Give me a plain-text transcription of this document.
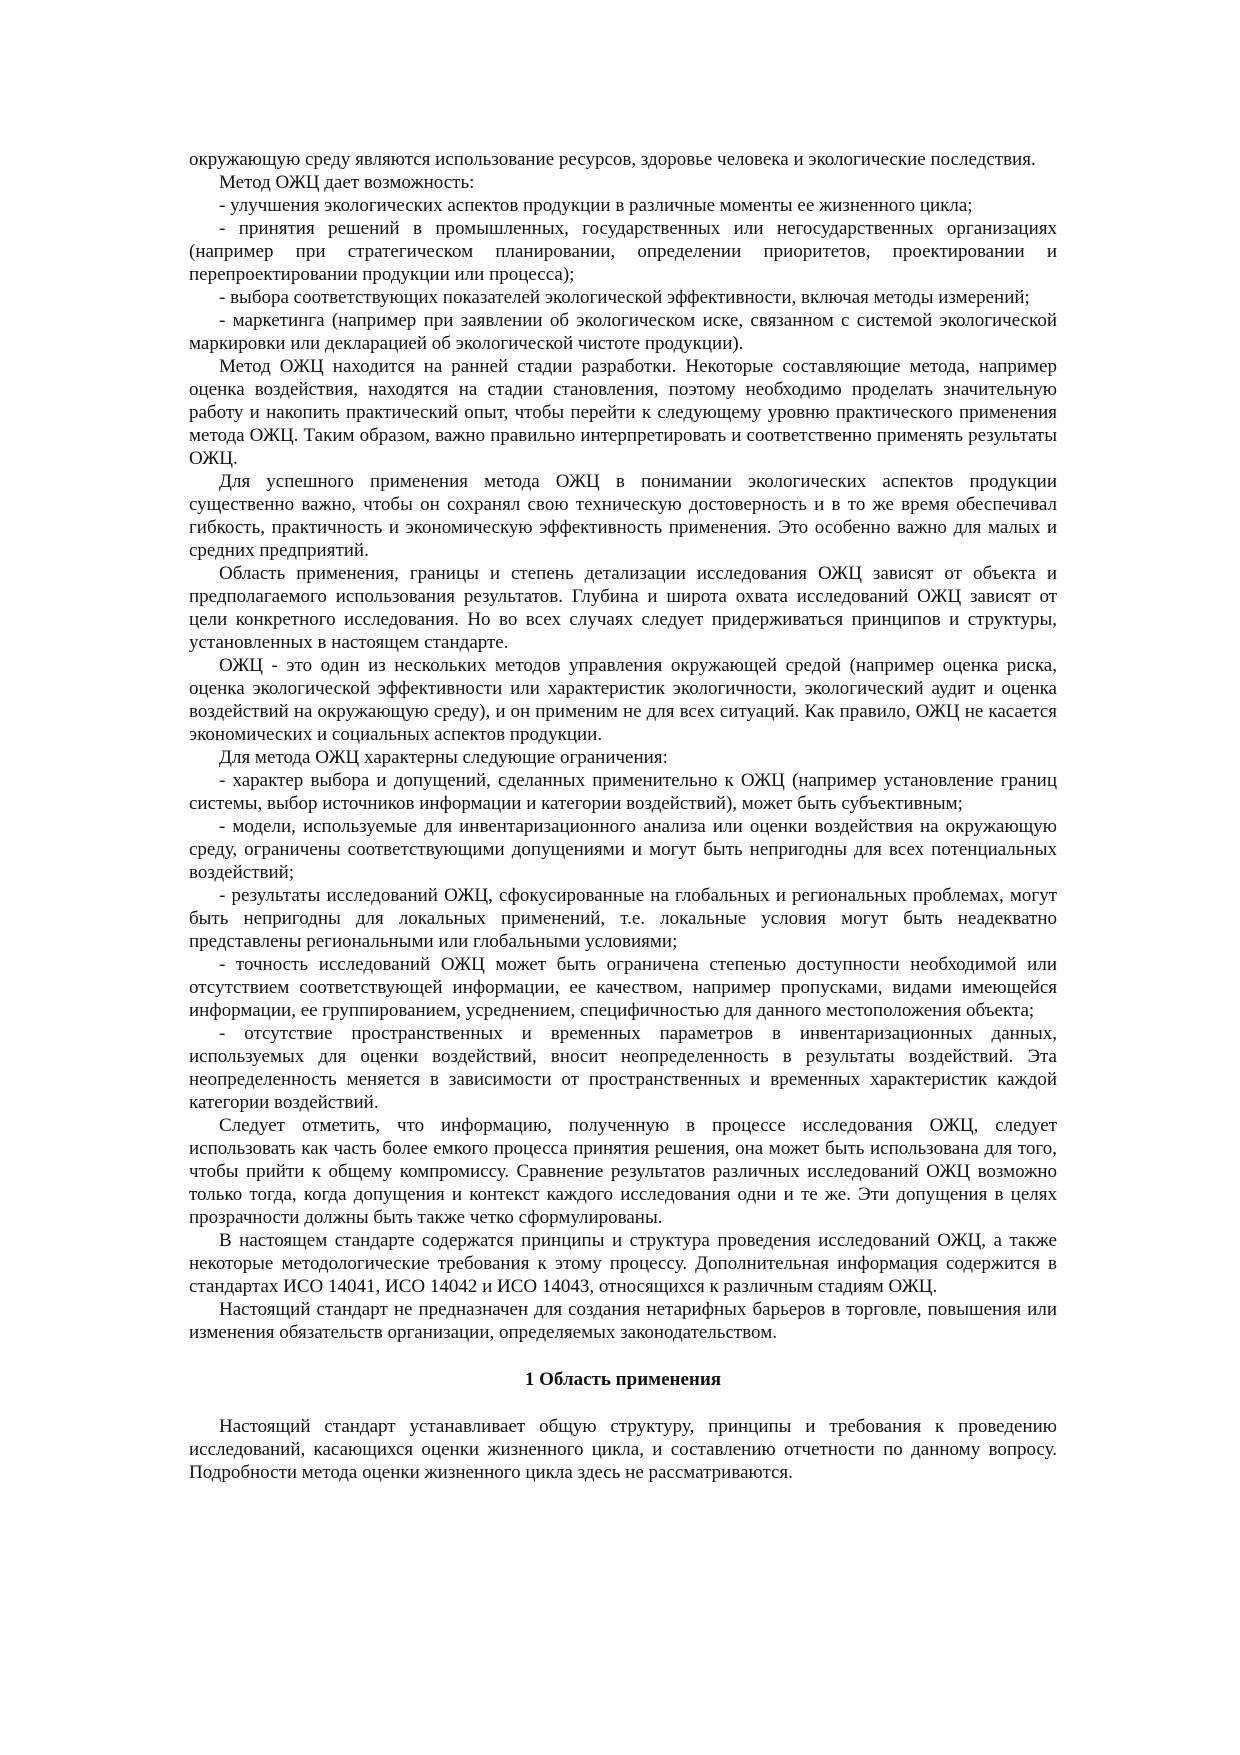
окружающую среду являются использование ресурсов, здоровье человека и экологические последствия.

Метод ОЖЦ дает возможность:

- улучшения экологических аспектов продукции в различные моменты ее жизненного цикла;

- принятия решений в промышленных, государственных или негосударственных организациях (например при стратегическом планировании, определении приоритетов, проектировании и перепроектировании продукции или процесса);

- выбора соответствующих показателей экологической эффективности, включая методы измерений;

- маркетинга (например при заявлении об экологическом иске, связанном с системой экологической маркировки или декларацией об экологической чистоте продукции).

Метод ОЖЦ находится на ранней стадии разработки. Некоторые составляющие метода, например оценка воздействия, находятся на стадии становления, поэтому необходимо проделать значительную работу и накопить практический опыт, чтобы перейти к следующему уровню практического применения метода ОЖЦ. Таким образом, важно правильно интерпретировать и соответственно применять результаты ОЖЦ.

Для успешного применения метода ОЖЦ в понимании экологических аспектов продукции существенно важно, чтобы он сохранял свою техническую достоверность и в то же время обеспечивал гибкость, практичность и экономическую эффективность применения. Это особенно важно для малых и средних предприятий.

Область применения, границы и степень детализации исследования ОЖЦ зависят от объекта и предполагаемого использования результатов. Глубина и широта охвата исследований ОЖЦ зависят от цели конкретного исследования. Но во всех случаях следует придерживаться принципов и структуры, установленных в настоящем стандарте.

ОЖЦ - это один из нескольких методов управления окружающей средой (например оценка риска, оценка экологической эффективности или характеристик экологичности, экологический аудит и оценка воздействий на окружающую среду), и он применим не для всех ситуаций. Как правило, ОЖЦ не касается экономических и социальных аспектов продукции.

Для метода ОЖЦ характерны следующие ограничения:

- характер выбора и допущений, сделанных применительно к ОЖЦ (например установление границ системы, выбор источников информации и категории воздействий), может быть субъективным;

- модели, используемые для инвентаризационного анализа или оценки воздействия на окружающую среду, ограничены соответствующими допущениями и могут быть непригодны для всех потенциальных воздействий;

- результаты исследований ОЖЦ, сфокусированные на глобальных и региональных проблемах, могут быть непригодны для локальных применений, т.е. локальные условия могут быть неадекватно представлены региональными или глобальными условиями;

- точность исследований ОЖЦ может быть ограничена степенью доступности необходимой или отсутствием соответствующей информации, ее качеством, например пропусками, видами имеющейся информации, ее группированием, усреднением, специфичностью для данного местоположения объекта;

- отсутствие пространственных и временных параметров в инвентаризационных данных, используемых для оценки воздействий, вносит неопределенность в результаты воздействий. Эта неопределенность меняется в зависимости от пространственных и временных характеристик каждой категории воздействий.

Следует отметить, что информацию, полученную в процессе исследования ОЖЦ, следует использовать как часть более емкого процесса принятия решения, она может быть использована для того, чтобы прийти к общему компромиссу. Сравнение результатов различных исследований ОЖЦ возможно только тогда, когда допущения и контекст каждого исследования одни и те же. Эти допущения в целях прозрачности должны быть также четко сформулированы.

В настоящем стандарте содержатся принципы и структура проведения исследований ОЖЦ, а также некоторые методологические требования к этому процессу. Дополнительная информация содержится в стандартах ИСО 14041, ИСО 14042 и ИСО 14043, относящихся к различным стадиям ОЖЦ.

Настоящий стандарт не предназначен для создания нетарифных барьеров в торговле, повышения или изменения обязательств организации, определяемых законодательством.

1 Область применения

Настоящий стандарт устанавливает общую структуру, принципы и требования к проведению исследований, касающихся оценки жизненного цикла, и составлению отчетности по данному вопросу. Подробности метода оценки жизненного цикла здесь не рассматриваются.
